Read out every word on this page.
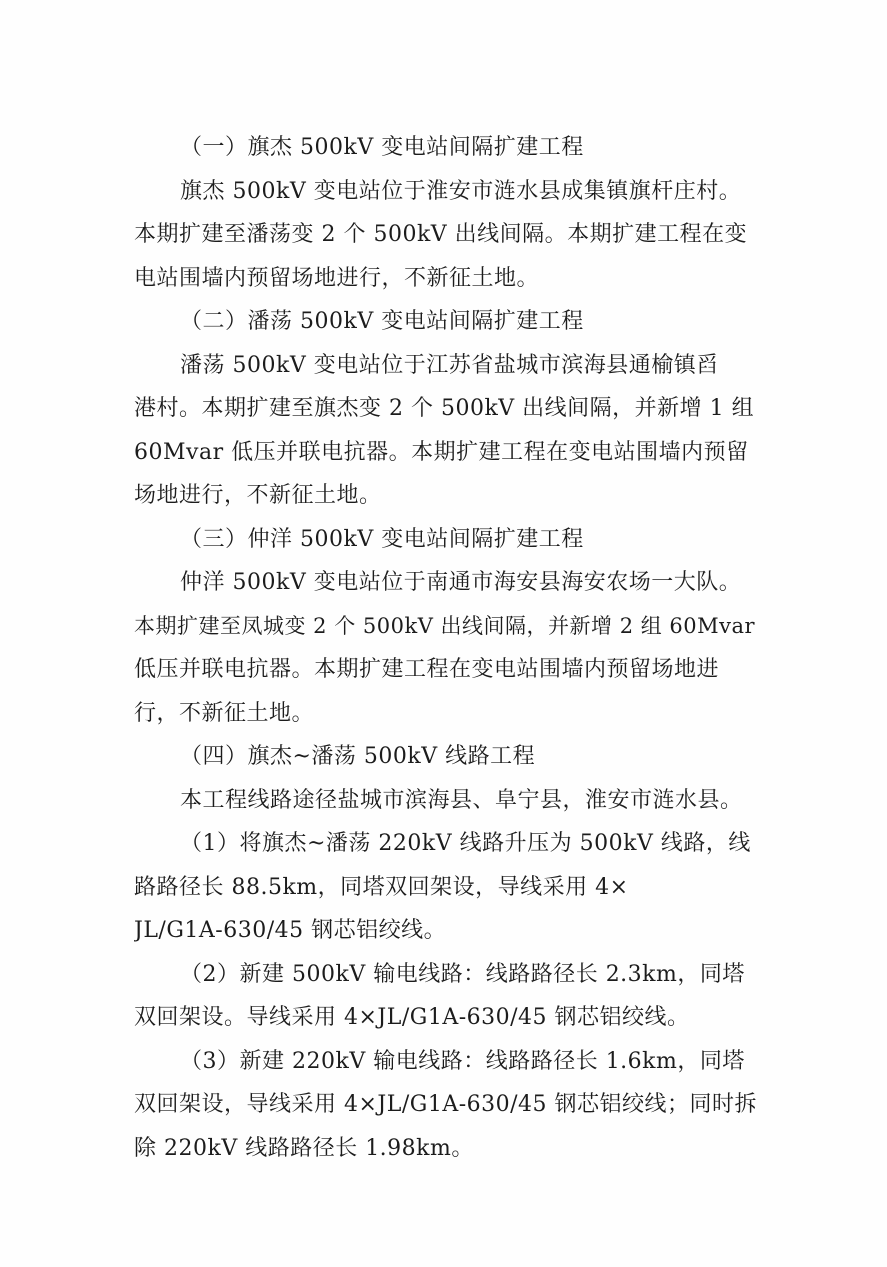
（一）旗杰 500kV 变电站间隔扩建工程
旗杰 500kV 变电站位于淮安市涟水县成集镇旗杆庄村。
本期扩建至潘荡变 2 个 500kV 出线间隔。本期扩建工程在变
电站围墙内预留场地进行，不新征土地。
（二）潘荡 500kV 变电站间隔扩建工程
潘荡 500kV 变电站位于江苏省盐城市滨海县通榆镇舀
港村。本期扩建至旗杰变 2 个 500kV 出线间隔，并新增 1 组
60Mvar 低压并联电抗器。本期扩建工程在变电站围墙内预留
场地进行，不新征土地。
（三）仲洋 500kV 变电站间隔扩建工程
仲洋 500kV 变电站位于南通市海安县海安农场一大队。
本期扩建至凤城变 2 个 500kV 出线间隔，并新增 2 组 60Mvar
低压并联电抗器。本期扩建工程在变电站围墙内预留场地进
行，不新征土地。
（四）旗杰~潘荡 500kV 线路工程
本工程线路途径盐城市滨海县、阜宁县，淮安市涟水县。
（1）将旗杰~潘荡 220kV 线路升压为 500kV 线路，线
路路径长 88.5km，同塔双回架设，导线采用 4×
JL/G1A-630/45 钢芯铝绞线。
（2）新建 500kV 输电线路：线路路径长 2.3km，同塔
双回架设。导线采用 4×JL/G1A-630/45 钢芯铝绞线。
（3）新建 220kV 输电线路：线路路径长 1.6km，同塔
双回架设，导线采用 4×JL/G1A-630/45 钢芯铝绞线；同时拆
除 220kV 线路路径长 1.98km。
